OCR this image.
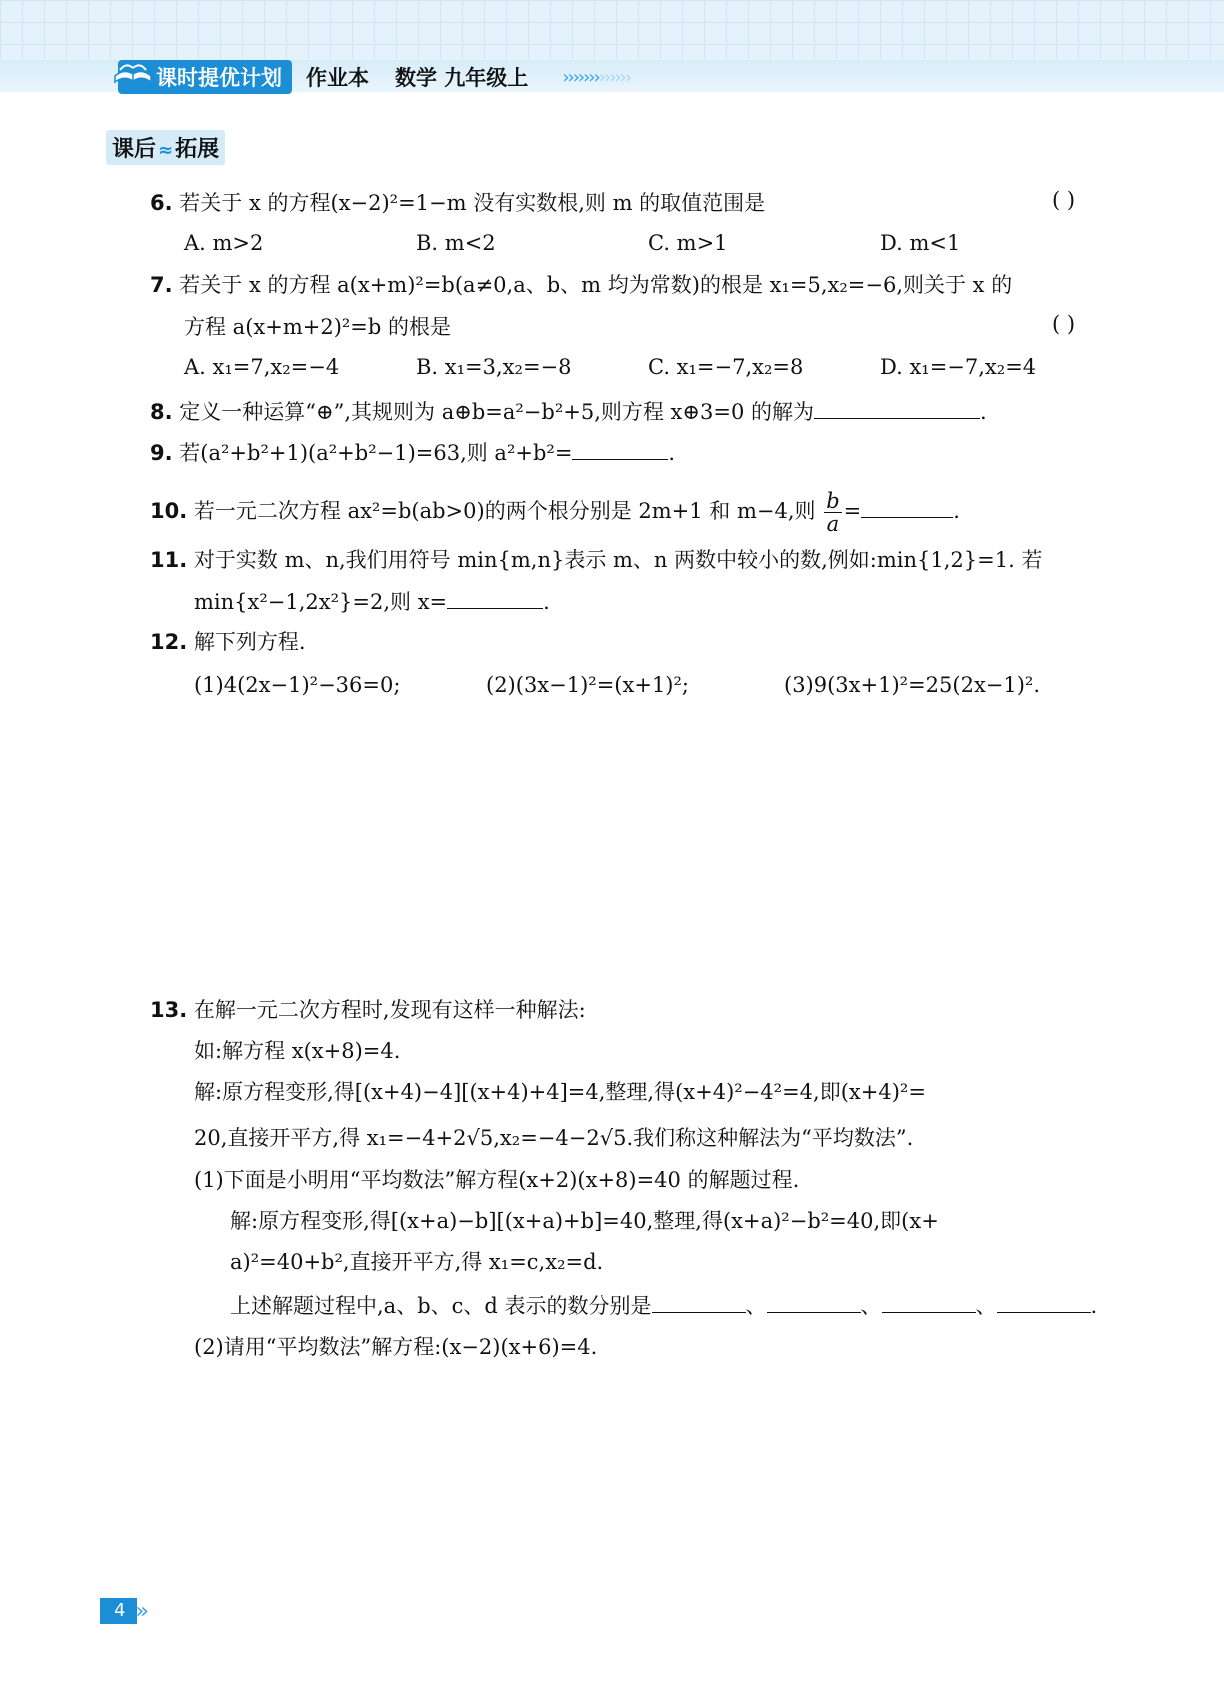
课时提优计划	作业本 数学 九年级上 ›››››››››››››
课后 ≈拓展
6. 若关于 x 的方程(x−2)²=1−m 没有实数根,则 m 的取值范围是	( )
A. m>2	B. m<2	C. m>1	D. m<1
7. 若关于 x 的方程 a(x+m)²=b(a≠0,a、b、m 均为常数)的根是 x₁=5,x₂=−6,则关于 x 的
方程 a(x+m+2)²=b 的根是	( )
A. x₁=7,x₂=−4	B. x₁=3,x₂=−8	C. x₁=−7,x₂=8	D. x₁=−7,x₂=4
8. 定义一种运算“⊕”,其规则为 a⊕b=a²−b²+5,则方程 x⊕3=0 的解为	.
9. 若(a²+b²+1)(a²+b²−1)=63,则 a²+b²=	.
10. 若一元二次方程 ax²=b(ab>0)的两个根分别是 2m+1 和 m−4,则 $\frac{b}{a}$ =	.
11. 对于实数 m、n,我们用符号 min{m,n}表示 m、n 两数中较小的数,例如:min{1,2}=1. 若
min{x²−1,2x²}=2,则 x=	.
12. 解下列方程.
(1)4(2x−1)²−36=0;	(2)(3x−1)²=(x+1)²;	(3)9(3x+1)²=25(2x−1)².
13. 在解一元二次方程时,发现有这样一种解法:
如:解方程 x(x+8)=4.
解:原方程变形,得[(x+4)−4][(x+4)+4]=4,整理,得(x+4)²−4²=4,即(x+4)²=
20,直接开平方,得 x₁=−4+2√5,x₂=−4−2√5.我们称这种解法为“平均数法”.
(1)下面是小明用“平均数法”解方程(x+2)(x+8)=40 的解题过程.
解:原方程变形,得[(x+a)−b][(x+a)+b]=40,整理,得(x+a)²−b²=40,即(x+
a)²=40+b²,直接开平方,得 x₁=c,x₂=d.
上述解题过程中,a、b、c、d 表示的数分别是	、	、	、	.
(2)请用“平均数法”解方程:(x−2)(x+6)=4.
4 »
